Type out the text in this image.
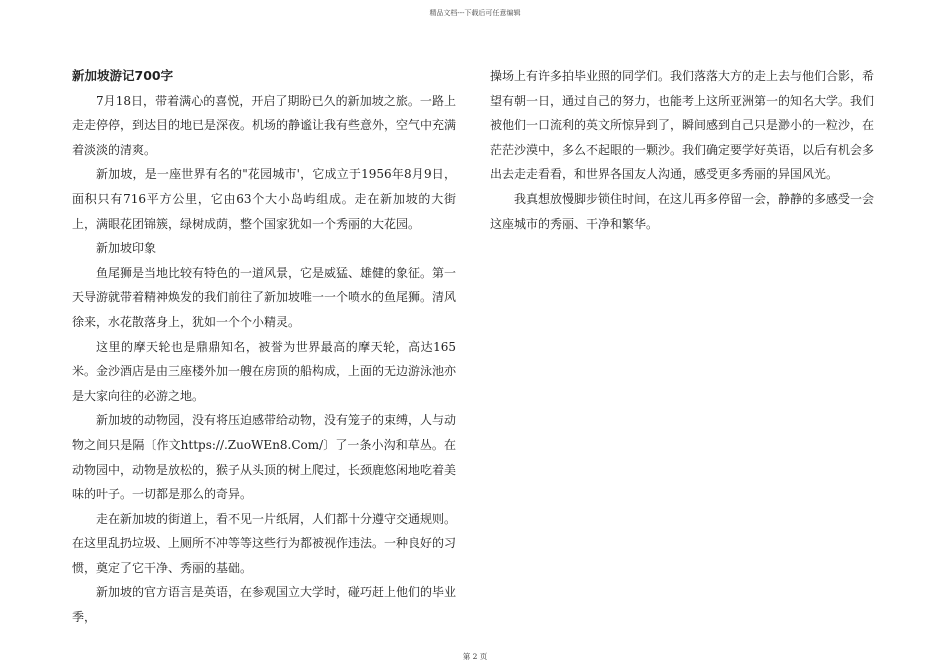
精品文档---下载后可任意编辑
新加坡游记700字

7月18日，带着满心的喜悦，开启了期盼已久的新加坡之旅。一路上走走停停，到达目的地已是深夜。机场的静谧让我有些意外，空气中充满着淡淡的清爽。

新加坡，是一座世界有名的"花园城市'，它成立于1956年8月9日，面积只有716平方公里，它由63个大小岛屿组成。走在新加坡的大街上，满眼花团锦簇，绿树成荫，整个国家犹如一个秀丽的大花园。

新加坡印象

鱼尾狮是当地比较有特色的一道风景，它是威猛、雄健的象征。第一天导游就带着精神焕发的我们前往了新加坡唯一一个喷水的鱼尾狮。清风徐来，水花散落身上，犹如一个个小精灵。

这里的摩天轮也是鼎鼎知名，被誉为世界最高的摩天轮，高达165米。金沙酒店是由三座楼外加一艘在房顶的船构成，上面的无边游泳池亦是大家向往的必游之地。

新加坡的动物园，没有将压迫感带给动物，没有笼子的束缚，人与动物之间只是隔〔作文https://.ZuoWEn8.Com/〕了一条小沟和草丛。在动物园中，动物是放松的，猴子从头顶的树上爬过，长颈鹿悠闲地吃着美味的叶子。一切都是那么的奇异。

走在新加坡的街道上，看不见一片纸屑，人们都十分遵守交通规则。在这里乱扔垃圾、上厕所不冲等等这些行为都被视作违法。一种良好的习惯，奠定了它干净、秀丽的基础。

新加坡的官方语言是英语，在参观国立大学时，碰巧赶上他们的毕业季，

操场上有许多拍毕业照的同学们。我们落落大方的走上去与他们合影，希望有朝一日，通过自己的努力，也能考上这所亚洲第一的知名大学。我们被他们一口流利的英文所惊异到了，瞬间感到自己只是渺小的一粒沙，在茫茫沙漠中，多么不起眼的一颗沙。我们确定要学好英语，以后有机会多出去走走看看，和世界各国友人沟通，感受更多秀丽的异国风光。

我真想放慢脚步锁住时间，在这儿再多停留一会，静静的多感受一会这座城市的秀丽、干净和繁华。

第 2 页
